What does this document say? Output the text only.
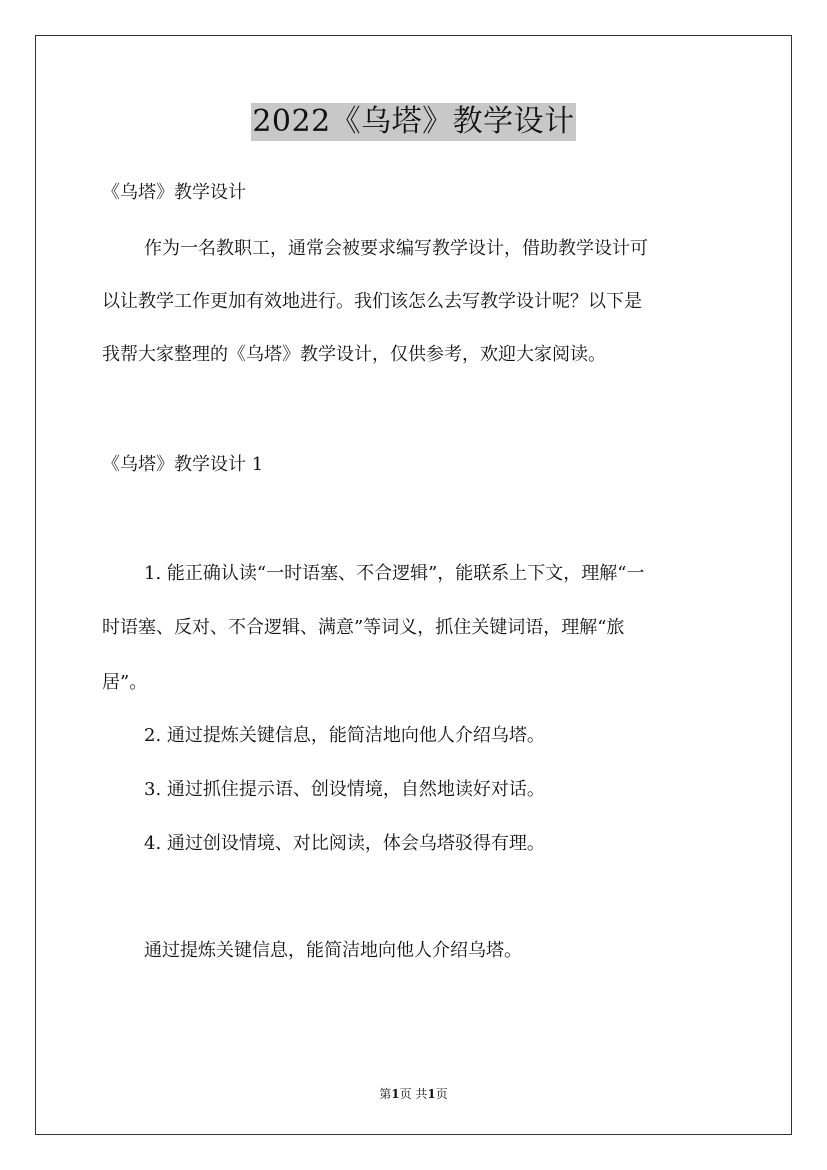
2022《乌塔》教学设计
《乌塔》教学设计
作为一名教职工，通常会被要求编写教学设计，借助教学设计可
以让教学工作更加有效地进行。我们该怎么去写教学设计呢？以下是
我帮大家整理的《乌塔》教学设计，仅供参考，欢迎大家阅读。
《乌塔》教学设计 1
1. 能正确认读“一时语塞、不合逻辑”，能联系上下文，理解“一
时语塞、反对、不合逻辑、满意”等词义，抓住关键词语，理解“旅
居”。
2. 通过提炼关键信息，能简洁地向他人介绍乌塔。
3. 通过抓住提示语、创设情境，自然地读好对话。
4. 通过创设情境、对比阅读，体会乌塔驳得有理。
通过提炼关键信息，能简洁地向他人介绍乌塔。
第1页 共1页
